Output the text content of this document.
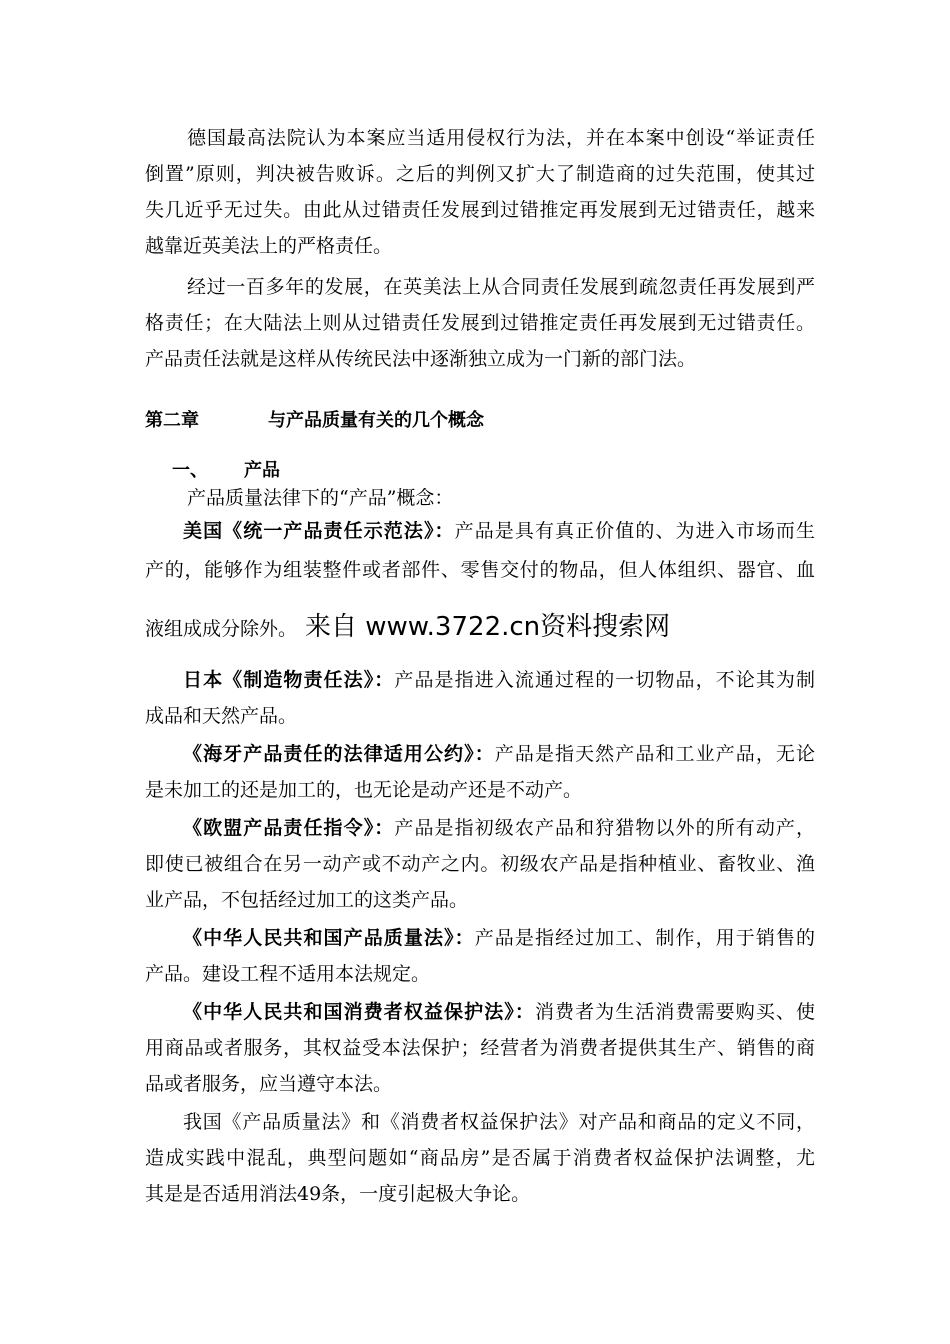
德国最高法院认为本案应当适用侵权行为法，并在本案中创设“举证责任
倒置”原则，判决被告败诉。之后的判例又扩大了制造商的过失范围，使其过
失几近乎无过失。由此从过错责任发展到过错推定再发展到无过错责任，越来
越靠近英美法上的严格责任。
经过一百多年的发展，在英美法上从合同责任发展到疏忽责任再发展到严
格责任；在大陆法上则从过错责任发展到过错推定责任再发展到无过错责任。
产品责任法就是这样从传统民法中逐渐独立成为一门新的部门法。
第二章	与产品质量有关的几个概念
一、 产品
产品质量法律下的“产品”概念：
美国《统一产品责任示范法》：产品是具有真正价值的、为进入市场而生
产的，能够作为组装整件或者部件、零售交付的物品，但人体组织、器官、血
液组成成分除外。 来自 www.3722.cn资料搜索网
日本《制造物责任法》：产品是指进入流通过程的一切物品，不论其为制
成品和天然产品。
《海牙产品责任的法律适用公约》：产品是指天然产品和工业产品，无论
是未加工的还是加工的，也无论是动产还是不动产。
《欧盟产品责任指令》：产品是指初级农产品和狩猎物以外的所有动产，
即使已被组合在另一动产或不动产之内。初级农产品是指种植业、畜牧业、渔
业产品，不包括经过加工的这类产品。
《中华人民共和国产品质量法》：产品是指经过加工、制作，用于销售的
产品。建设工程不适用本法规定。
《中华人民共和国消费者权益保护法》：消费者为生活消费需要购买、使
用商品或者服务，其权益受本法保护；经营者为消费者提供其生产、销售的商
品或者服务，应当遵守本法。
我国《产品质量法》和《消费者权益保护法》对产品和商品的定义不同，
造成实践中混乱，典型问题如“商品房”是否属于消费者权益保护法调整，尤
其是是否适用消法49条，一度引起极大争论。
